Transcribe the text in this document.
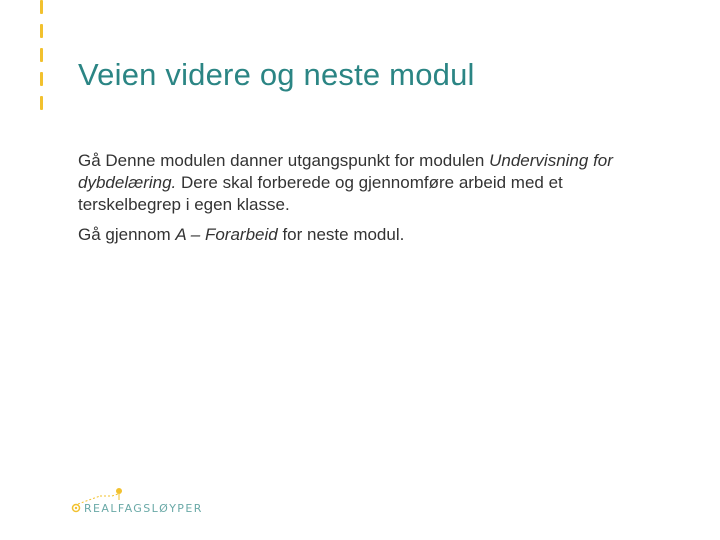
Veien videre og neste modul

Gå Denne modulen danner utgangspunkt for modulen Undervisning for dybdelæring. Dere skal forberede og gjennomføre arbeid med et terskelbegrep i egen klasse.

Gå gjennom A – Forarbeid for neste modul.

REALFAGSLØYPER
